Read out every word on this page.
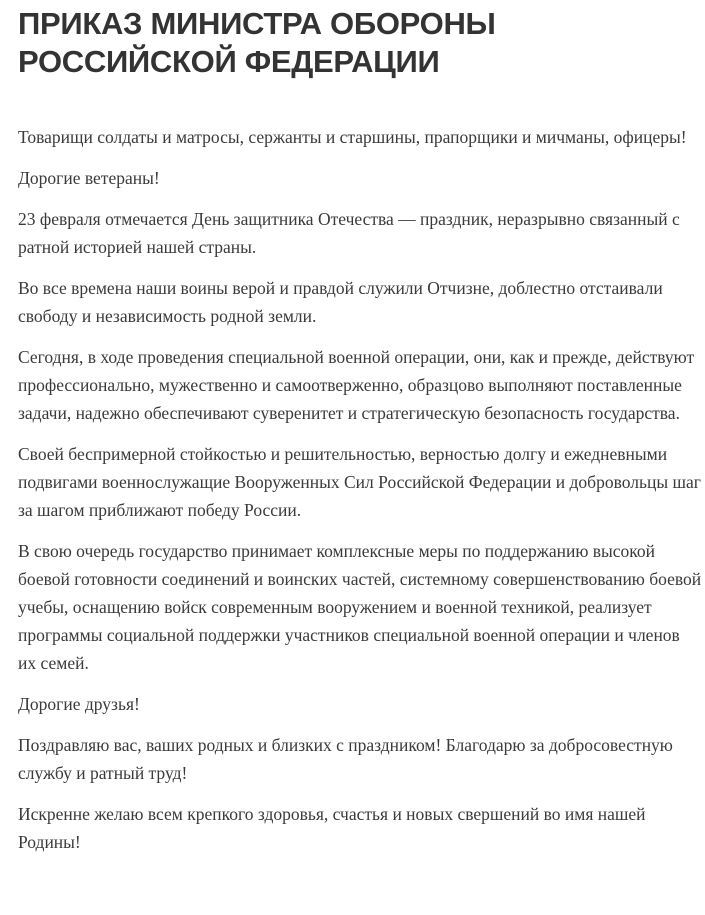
ПРИКАЗ МИНИСТРА ОБОРОНЫ РОССИЙСКОЙ ФЕДЕРАЦИИ

Товарищи солдаты и матросы, сержанты и старшины, прапорщики и мичманы, офицеры!

Дорогие ветераны!

23 февраля отмечается День защитника Отечества — праздник, неразрывно связанный с ратной историей нашей страны.

Во все времена наши воины верой и правдой служили Отчизне, доблестно отстаивали свободу и независимость родной земли.

Сегодня, в ходе проведения специальной военной операции, они, как и прежде, действуют профессионально, мужественно и самоотверженно, образцово выполняют поставленные задачи, надежно обеспечивают суверенитет и стратегическую безопасность государства.

Своей беспримерной стойкостью и решительностью, верностью долгу и ежедневными подвигами военнослужащие Вооруженных Сил Российской Федерации и добровольцы шаг за шагом приближают победу России.

В свою очередь государство принимает комплексные меры по поддержанию высокой боевой готовности соединений и воинских частей, системному совершенствованию боевой учебы, оснащению войск современным вооружением и военной техникой, реализует программы социальной поддержки участников специальной военной операции и членов их семей.

Дорогие друзья!

Поздравляю вас, ваших родных и близких с праздником! Благодарю за добросовестную службу и ратный труд!

Искренне желаю всем крепкого здоровья, счастья и новых свершений во имя нашей Родины!
